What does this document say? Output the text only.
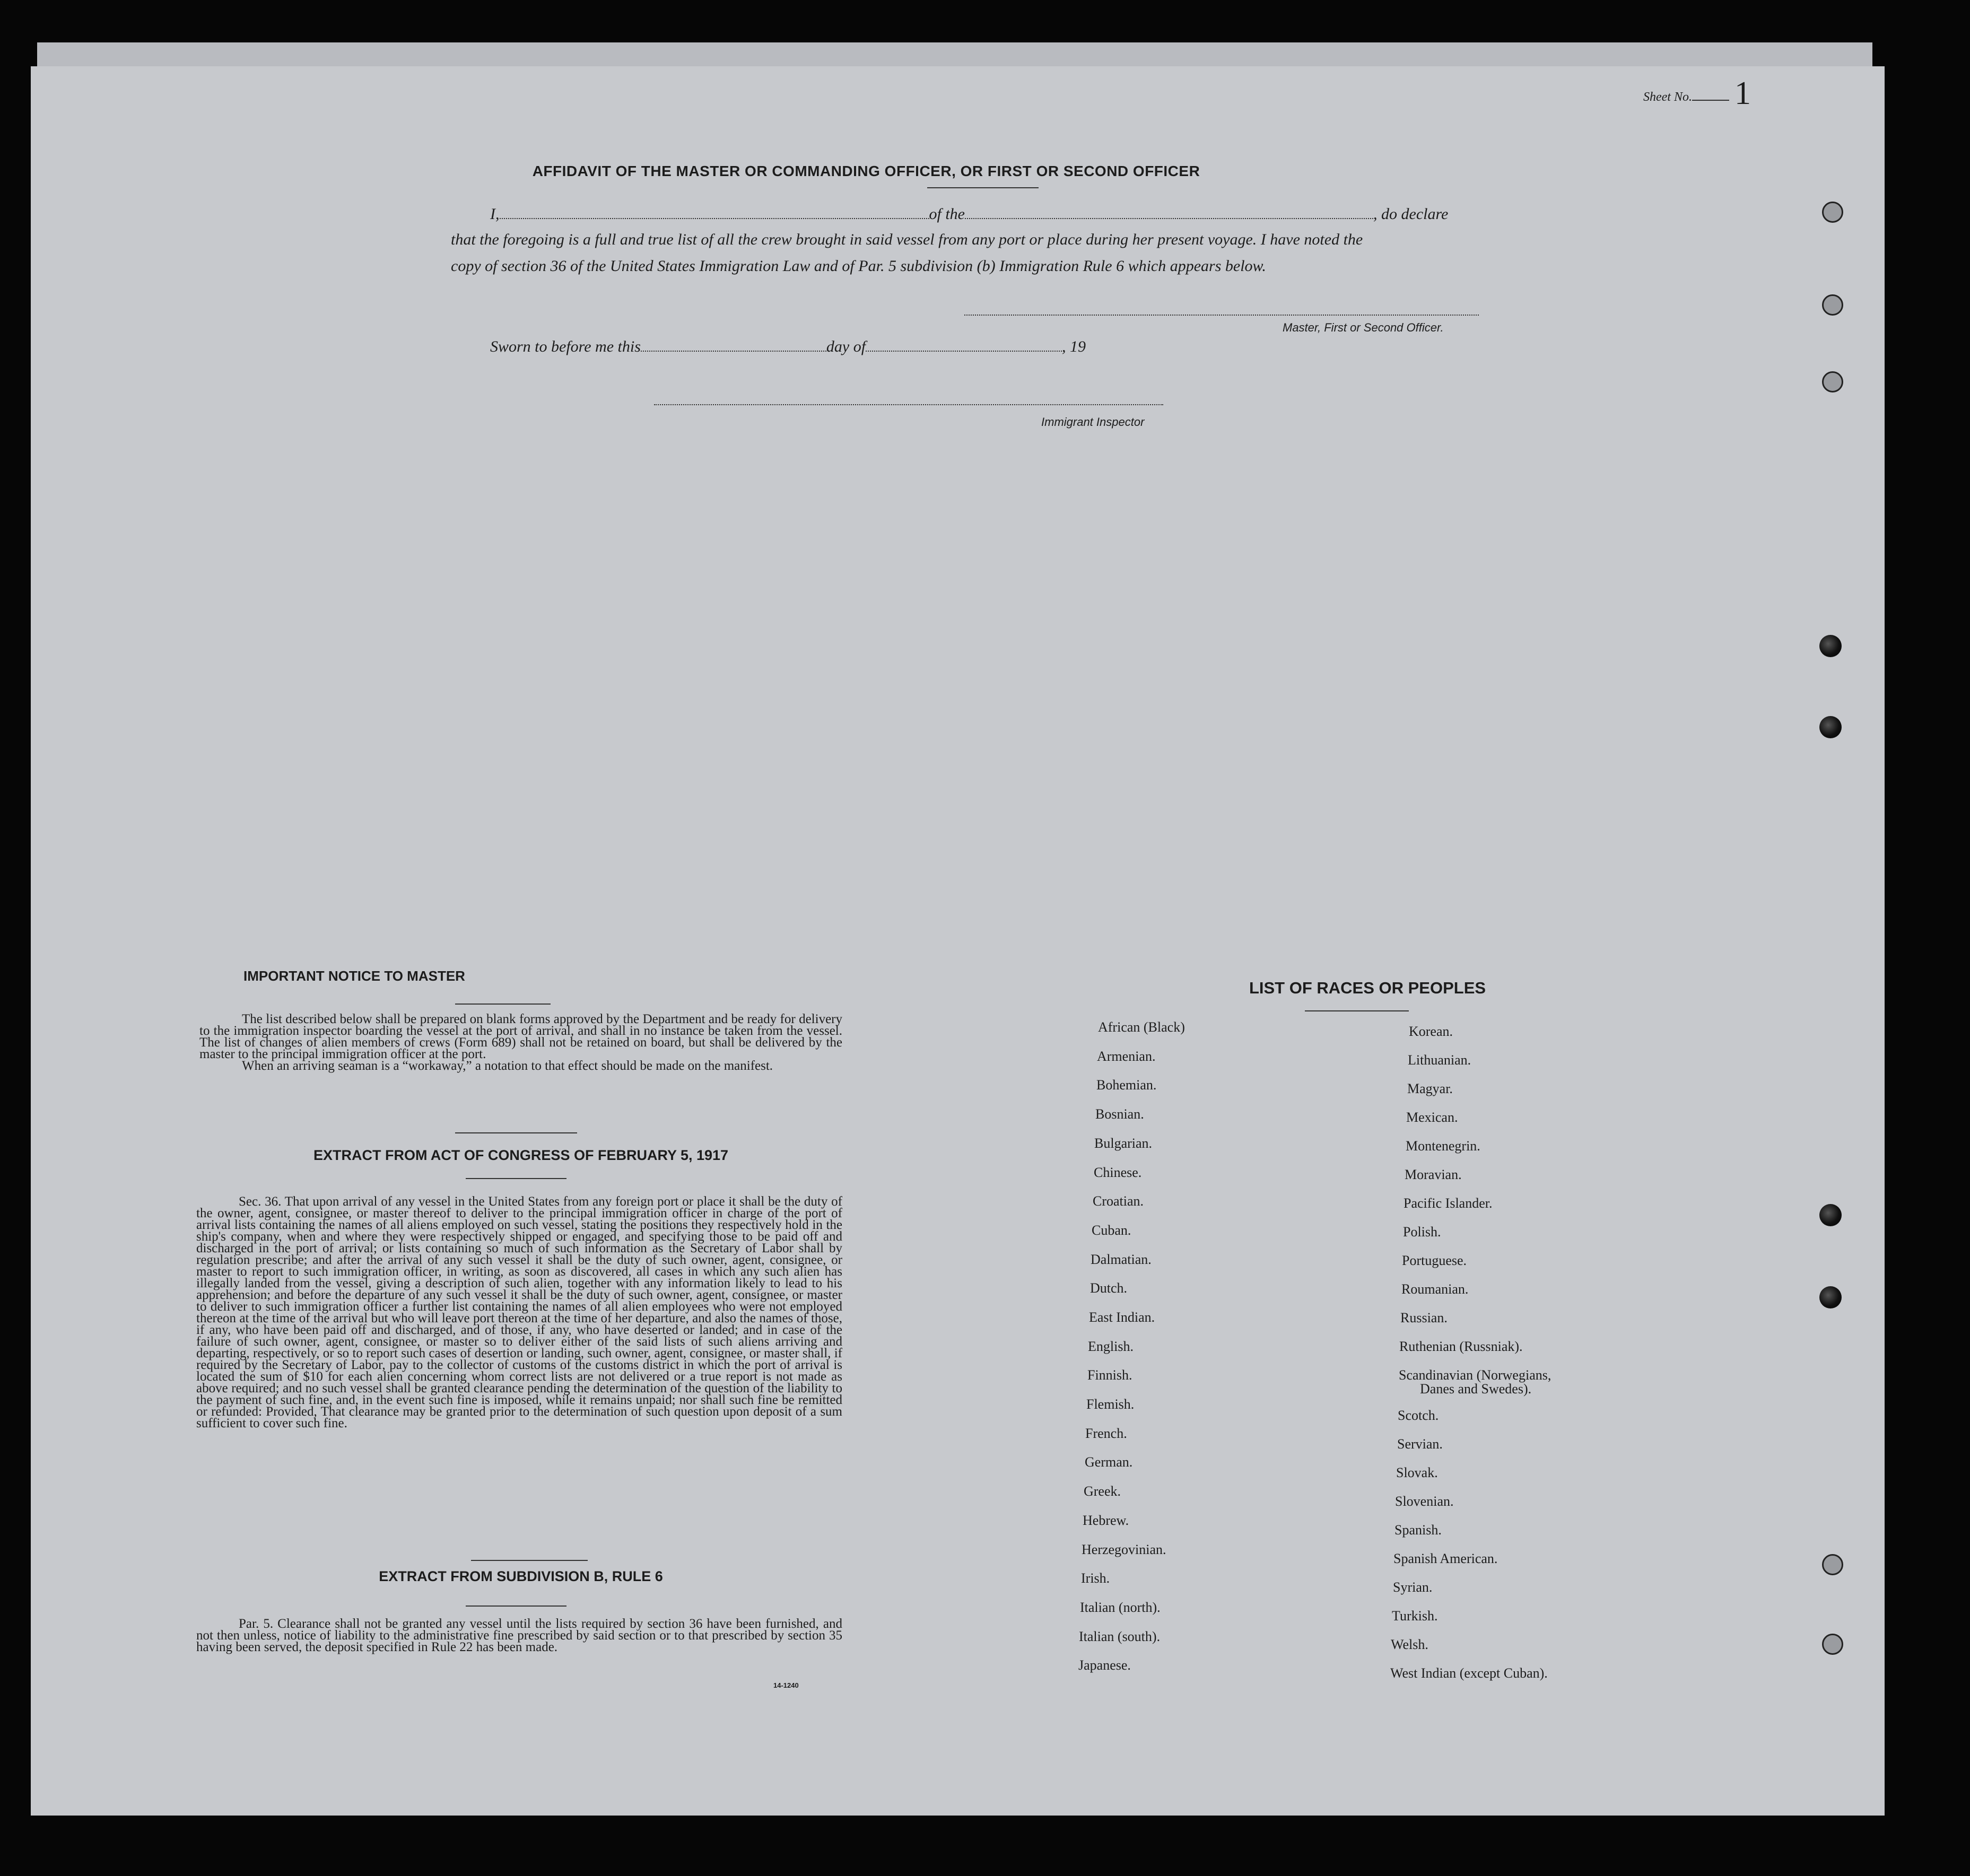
Sheet No. 1
AFFIDAVIT OF THE MASTER OR COMMANDING OFFICER, OR FIRST OR SECOND OFFICER
I,	of the	, do declare
that the foregoing is a full and true list of all the crew brought in said vessel from any port or place during her present voyage. I have noted the
copy of section 36 of the United States Immigration Law and of Par. 5 subdivision (b) Immigration Rule 6 which appears below.
Master, First or Second Officer.
Sworn to before me this	day of	, 19
Immigrant Inspector
IMPORTANT NOTICE TO MASTER

The list described below shall be prepared on blank forms approved by the Department and be ready for delivery to the immigration inspector boarding the vessel at the port of arrival, and shall in no instance be taken from the vessel. The list of changes of alien members of crews (Form 689) shall not be retained on board, but shall be delivered by the master to the principal immigration officer at the port.

When an arriving seaman is a “workaway,” a notation to that effect should be made on the manifest.

EXTRACT FROM ACT OF CONGRESS OF FEBRUARY 5, 1917

Sec. 36. That upon arrival of any vessel in the United States from any foreign port or place it shall be the duty of the owner, agent, consignee, or master thereof to deliver to the principal immigration officer in charge of the port of arrival lists containing the names of all aliens employed on such vessel, stating the positions they respectively hold in the ship's company, when and where they were respectively shipped or engaged, and specifying those to be paid off and discharged in the port of arrival; or lists containing so much of such information as the Secretary of Labor shall by regulation prescribe; and after the arrival of any such vessel it shall be the duty of such owner, agent, consignee, or master to report to such immigration officer, in writing, as soon as discovered, all cases in which any such alien has illegally landed from the vessel, giving a description of such alien, together with any information likely to lead to his apprehension; and before the departure of any such vessel it shall be the duty of such owner, agent, consignee, or master to deliver to such immigration officer a further list containing the names of all alien employees who were not employed thereon at the time of the arrival but who will leave port thereon at the time of her departure, and also the names of those, if any, who have been paid off and discharged, and of those, if any, who have deserted or landed; and in case of the failure of such owner, agent, consignee, or master so to deliver either of the said lists of such aliens arriving and departing, respectively, or so to report such cases of desertion or landing, such owner, agent, consignee, or master shall, if required by the Secretary of Labor, pay to the collector of customs of the customs district in which the port of arrival is located the sum of $10 for each alien concerning whom correct lists are not delivered or a true report is not made as above required; and no such vessel shall be granted clearance pending the determination of the question of the liability to the payment of such fine, and, in the event such fine is imposed, while it remains unpaid; nor shall such fine be remitted or refunded: Provided, That clearance may be granted prior to the determination of such question upon deposit of a sum sufficient to cover such fine.

EXTRACT FROM SUBDIVISION B, RULE 6

Par. 5. Clearance shall not be granted any vessel until the lists required by section 36 have been furnished, and not then unless, notice of liability to the administrative fine prescribed by said section or to that prescribed by section 35 having been served, the deposit specified in Rule 22 has been made.

14-1240
LIST OF RACES OR PEOPLES
African (Black)
Armenian.
Bohemian.
Bosnian.
Bulgarian.
Chinese.
Croatian.
Cuban.
Dalmatian.
Dutch.
East Indian.
English.
Finnish.
Flemish.
French.
German.
Greek.
Hebrew.
Herzegovinian.
Irish.
Italian (north).
Italian (south).
Japanese.
Korean.
Lithuanian.
Magyar.
Mexican.
Montenegrin.
Moravian.
Pacific Islander.
Polish.
Portuguese.
Roumanian.
Russian.
Ruthenian (Russniak).
Scandinavian (Norwegians,
Danes and Swedes).
Scotch.
Servian.
Slovak.
Slovenian.
Spanish.
Spanish American.
Syrian.
Turkish.
Welsh.
West Indian (except Cuban).
